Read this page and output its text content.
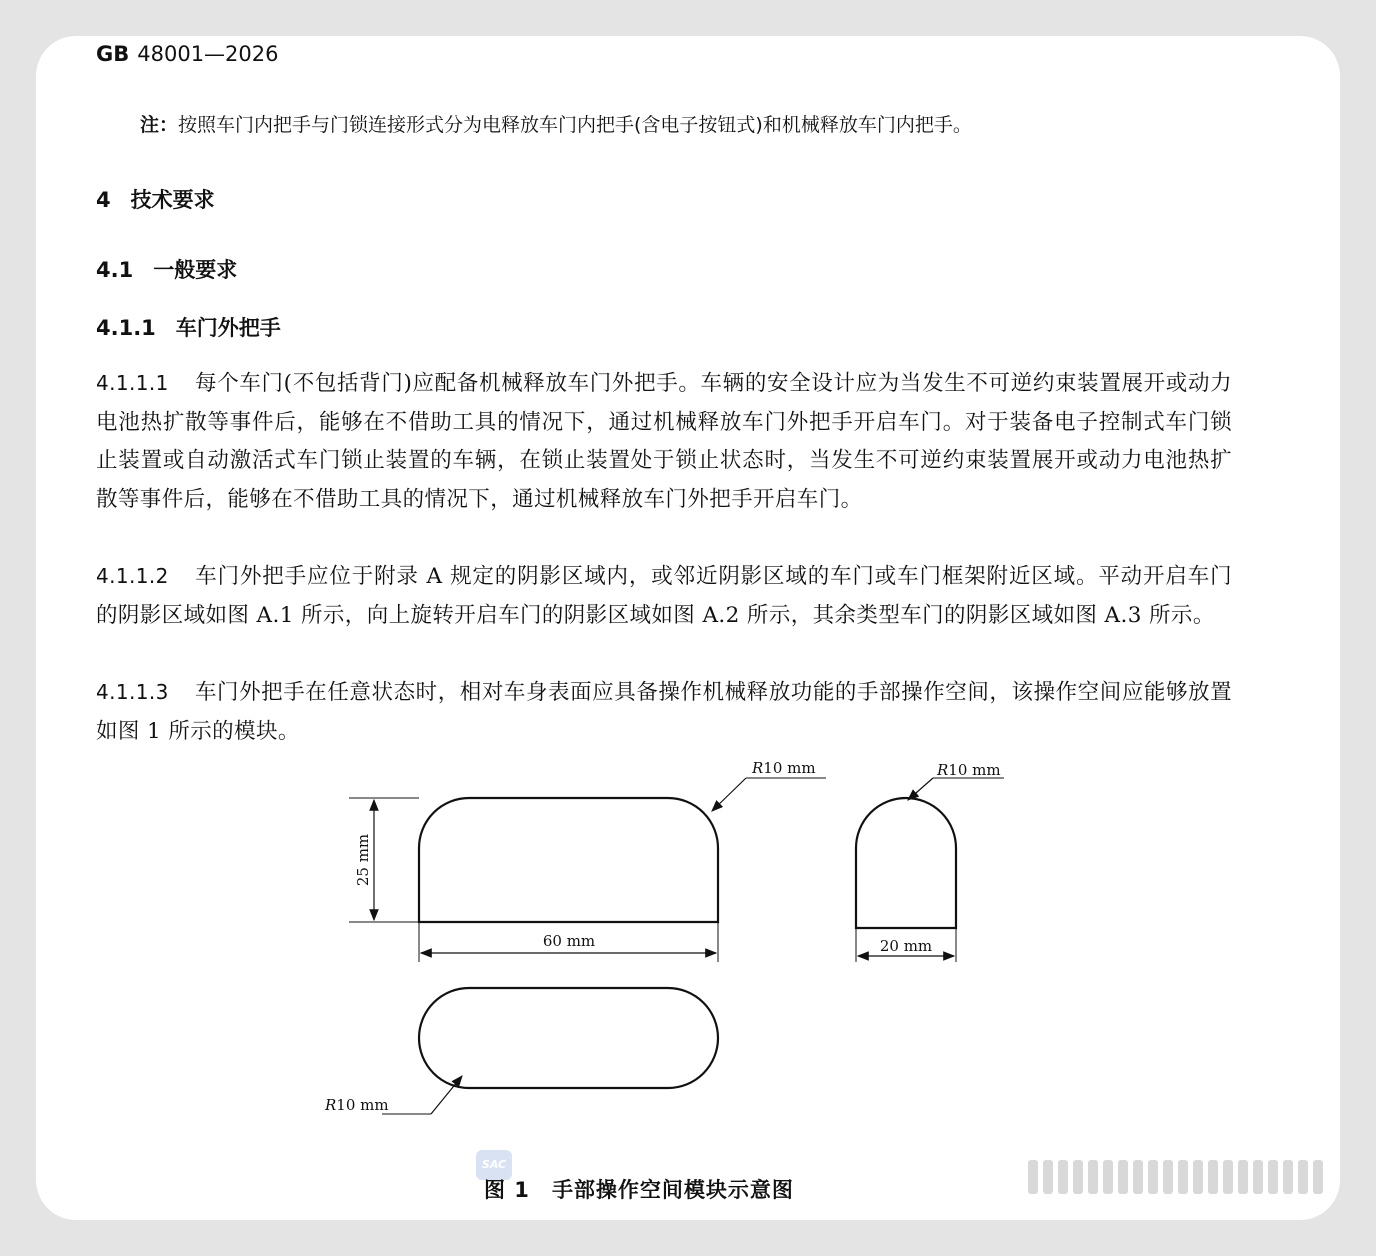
GB 48001—2026
注：按照车门内把手与门锁连接形式分为电释放车门内把手(含电子按钮式)和机械释放车门内把手。
4 技术要求
4.1 一般要求
4.1.1 车门外把手
4.1.1.1 每个车门(不包括背门)应配备机械释放车门外把手。车辆的安全设计应为当发生不可逆约束装置展开或动力电池热扩散等事件后，能够在不借助工具的情况下，通过机械释放车门外把手开启车门。对于装备电子控制式车门锁止装置或自动激活式车门锁止装置的车辆，在锁止装置处于锁止状态时，当发生不可逆约束装置展开或动力电池热扩散等事件后，能够在不借助工具的情况下，通过机械释放车门外把手开启车门。
4.1.1.2 车门外把手应位于附录 A 规定的阴影区域内，或邻近阴影区域的车门或车门框架附近区域。平动开启车门的阴影区域如图 A.1 所示，向上旋转开启车门的阴影区域如图 A.2 所示，其余类型车门的阴影区域如图 A.3 所示。
4.1.1.3 车门外把手在任意状态时，相对车身表面应具备操作机械释放功能的手部操作空间，该操作空间应能够放置如图 1 所示的模块。
25 mm
60 mm	20 mm
R10 mm	R10 mm
R10 mm
SAC
图 1 手部操作空间模块示意图
